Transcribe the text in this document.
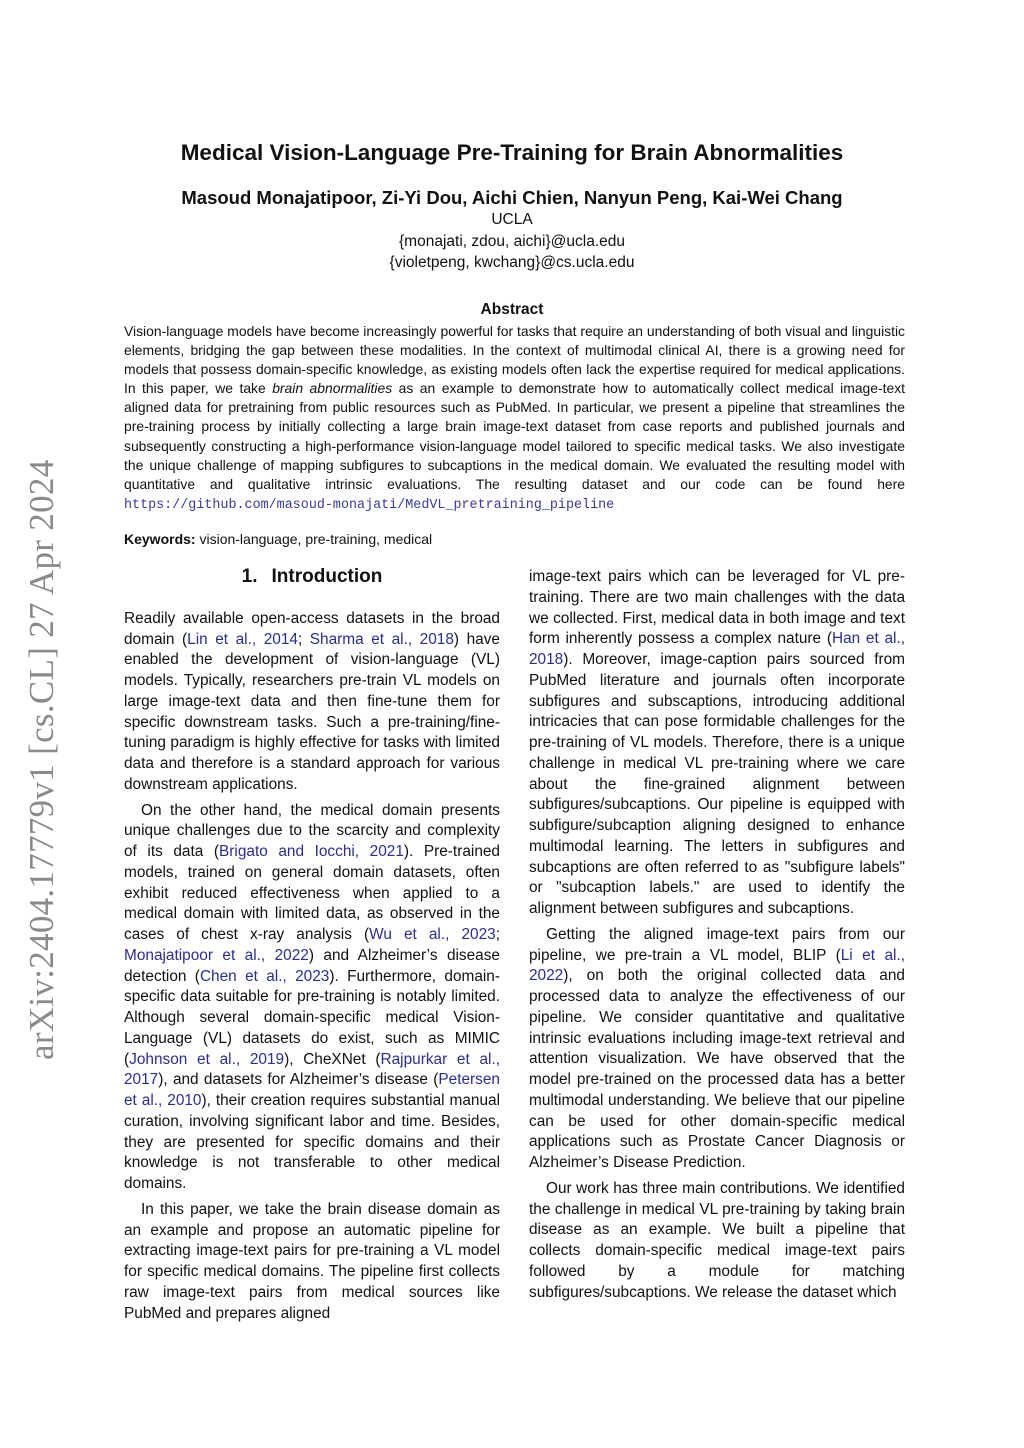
arXiv:2404.17779v1 [cs.CL] 27 Apr 2024
Medical Vision-Language Pre-Training for Brain Abnormalities
Masoud Monajatipoor, Zi-Yi Dou, Aichi Chien, Nanyun Peng, Kai-Wei Chang
UCLA
{monajati, zdou, aichi}@ucla.edu
{violetpeng, kwchang}@cs.ucla.edu
Abstract

Vision-language models have become increasingly powerful for tasks that require an understanding of both visual and linguistic elements, bridging the gap between these modalities. In the context of multimodal clinical AI, there is a growing need for models that possess domain-specific knowledge, as existing models often lack the expertise required for medical applications. In this paper, we take brain abnormalities as an example to demonstrate how to automatically collect medical image-text aligned data for pretraining from public resources such as PubMed. In particular, we present a pipeline that streamlines the pre-training process by initially collecting a large brain image-text dataset from case reports and published journals and subsequently constructing a high-performance vision-language model tailored to specific medical tasks. We also investigate the unique challenge of mapping subfigures to subcaptions in the medical domain. We evaluated the resulting model with quantitative and qualitative intrinsic evaluations. The resulting dataset and our code can be found here https://github.com/masoud-monajati/MedVL_pretraining_pipeline

Keywords: vision-language, pre-training, medical
1. Introduction

Readily available open-access datasets in the broad domain (Lin et al., 2014; Sharma et al., 2018) have enabled the development of vision-language (VL) models. Typically, researchers pre-train VL models on large image-text data and then fine-tune them for specific downstream tasks. Such a pre-training/fine-tuning paradigm is highly effective for tasks with limited data and therefore is a standard approach for various downstream applications.

On the other hand, the medical domain presents unique challenges due to the scarcity and complexity of its data (Brigato and Iocchi, 2021). Pre-trained models, trained on general domain datasets, often exhibit reduced effectiveness when applied to a medical domain with limited data, as observed in the cases of chest x-ray analysis (Wu et al., 2023; Monajatipoor et al., 2022) and Alzheimer’s disease detection (Chen et al., 2023). Furthermore, domain-specific data suitable for pre-training is notably limited. Although several domain-specific medical Vision-Language (VL) datasets do exist, such as MIMIC (Johnson et al., 2019), CheXNet (Rajpurkar et al., 2017), and datasets for Alzheimer’s disease (Petersen et al., 2010), their creation requires substantial manual curation, involving significant labor and time. Besides, they are presented for specific domains and their knowledge is not transferable to other medical domains.

In this paper, we take the brain disease domain as an example and propose an automatic pipeline for extracting image-text pairs for pre-training a VL model for specific medical domains. The pipeline first collects raw image-text pairs from medical sources like PubMed and prepares aligned

image-text pairs which can be leveraged for VL pre-training. There are two main challenges with the data we collected. First, medical data in both image and text form inherently possess a complex nature (Han et al., 2018). Moreover, image-caption pairs sourced from PubMed literature and journals often incorporate subfigures and subscaptions, introducing additional intricacies that can pose formidable challenges for the pre-training of VL models. Therefore, there is a unique challenge in medical VL pre-training where we care about the fine-grained alignment between subfigures/subcaptions. Our pipeline is equipped with subfigure/subcaption aligning designed to enhance multimodal learning. The letters in subfigures and subcaptions are often referred to as "subfigure labels" or "subcaption labels." are used to identify the alignment between subfigures and subcaptions.

Getting the aligned image-text pairs from our pipeline, we pre-train a VL model, BLIP (Li et al., 2022), on both the original collected data and processed data to analyze the effectiveness of our pipeline. We consider quantitative and qualitative intrinsic evaluations including image-text retrieval and attention visualization. We have observed that the model pre-trained on the processed data has a better multimodal understanding. We believe that our pipeline can be used for other domain-specific medical applications such as Prostate Cancer Diagnosis or Alzheimer’s Disease Prediction.

Our work has three main contributions. We identified the challenge in medical VL pre-training by taking brain disease as an example. We built a pipeline that collects domain-specific medical image-text pairs followed by a module for matching subfigures/subcaptions. We release the dataset which
